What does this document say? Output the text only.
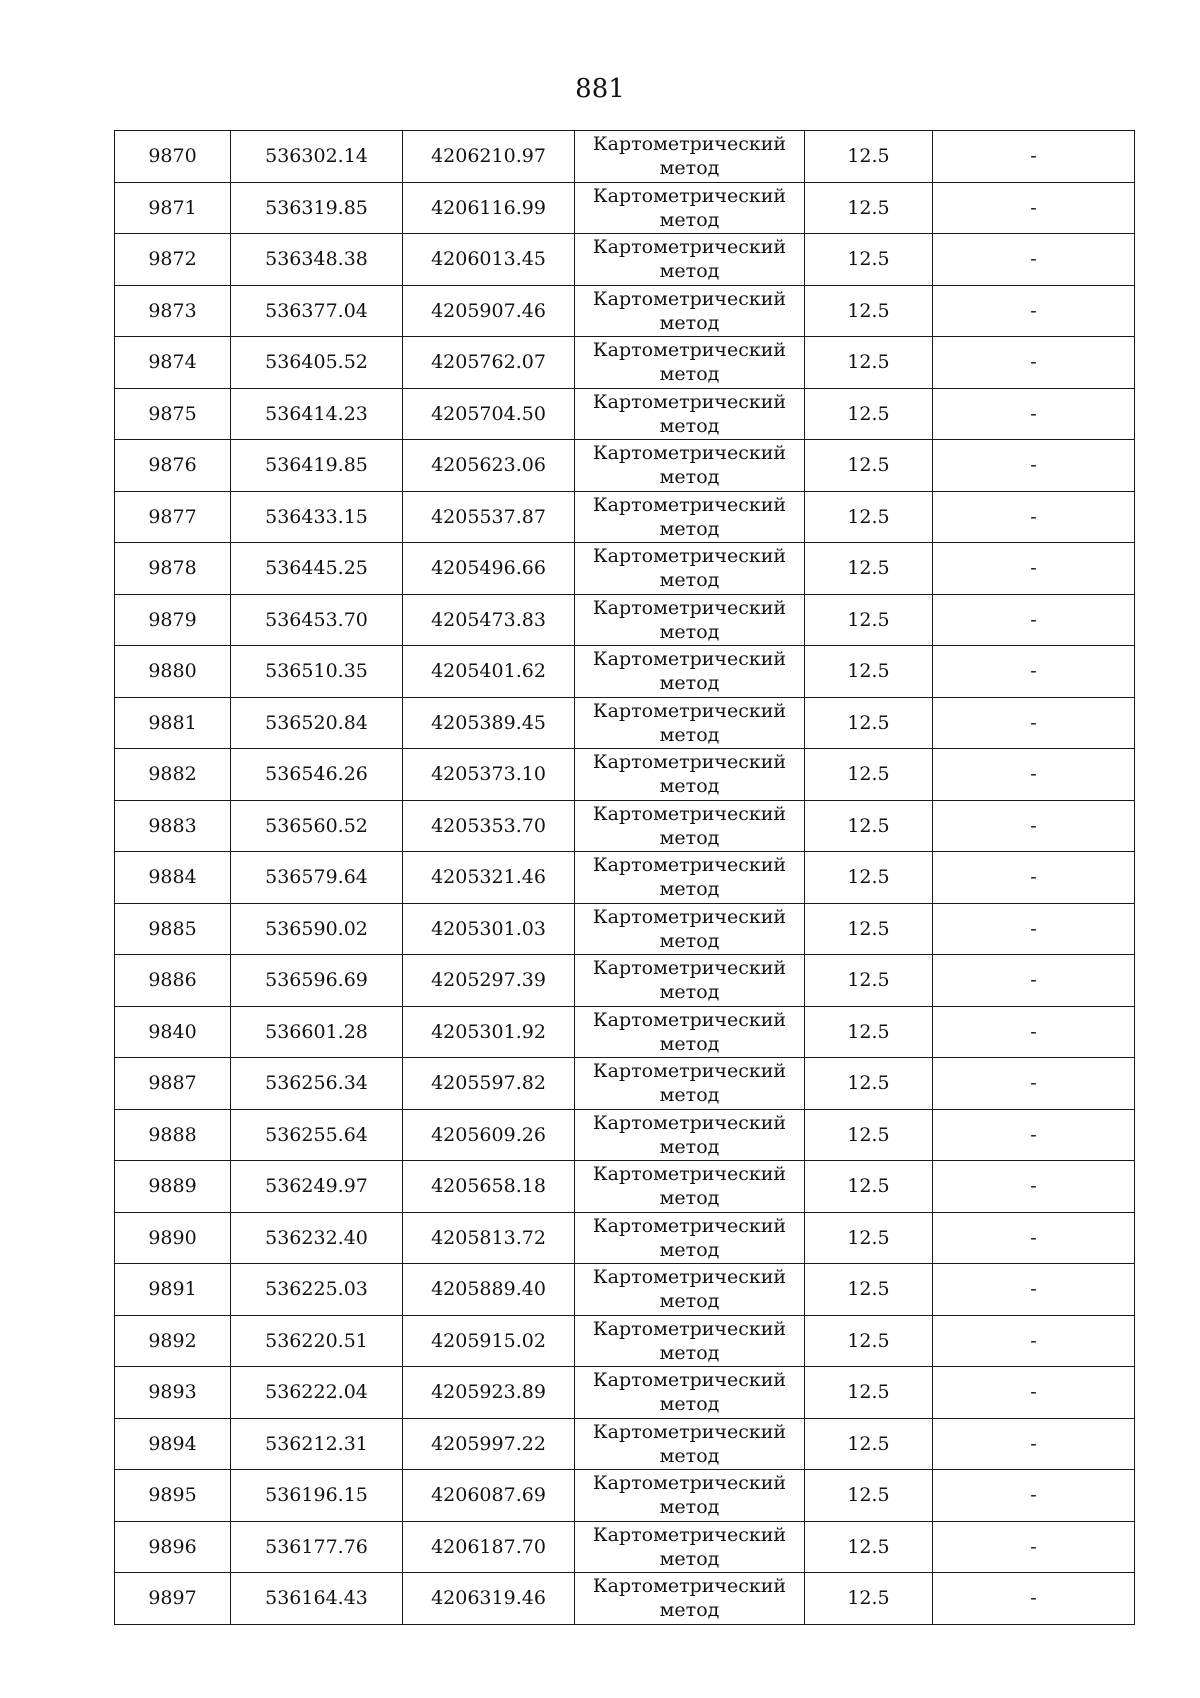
881
9870	536302.14	4206210.97	Картометрический метод	12.5	-
9871	536319.85	4206116.99	Картометрический метод	12.5	-
9872	536348.38	4206013.45	Картометрический метод	12.5	-
9873	536377.04	4205907.46	Картометрический метод	12.5	-
9874	536405.52	4205762.07	Картометрический метод	12.5	-
9875	536414.23	4205704.50	Картометрический метод	12.5	-
9876	536419.85	4205623.06	Картометрический метод	12.5	-
9877	536433.15	4205537.87	Картометрический метод	12.5	-
9878	536445.25	4205496.66	Картометрический метод	12.5	-
9879	536453.70	4205473.83	Картометрический метод	12.5	-
9880	536510.35	4205401.62	Картометрический метод	12.5	-
9881	536520.84	4205389.45	Картометрический метод	12.5	-
9882	536546.26	4205373.10	Картометрический метод	12.5	-
9883	536560.52	4205353.70	Картометрический метод	12.5	-
9884	536579.64	4205321.46	Картометрический метод	12.5	-
9885	536590.02	4205301.03	Картометрический метод	12.5	-
9886	536596.69	4205297.39	Картометрический метод	12.5	-
9840	536601.28	4205301.92	Картометрический метод	12.5	-
9887	536256.34	4205597.82	Картометрический метод	12.5	-
9888	536255.64	4205609.26	Картометрический метод	12.5	-
9889	536249.97	4205658.18	Картометрический метод	12.5	-
9890	536232.40	4205813.72	Картометрический метод	12.5	-
9891	536225.03	4205889.40	Картометрический метод	12.5	-
9892	536220.51	4205915.02	Картометрический метод	12.5	-
9893	536222.04	4205923.89	Картометрический метод	12.5	-
9894	536212.31	4205997.22	Картометрический метод	12.5	-
9895	536196.15	4206087.69	Картометрический метод	12.5	-
9896	536177.76	4206187.70	Картометрический метод	12.5	-
9897	536164.43	4206319.46	Картометрический метод	12.5	-
